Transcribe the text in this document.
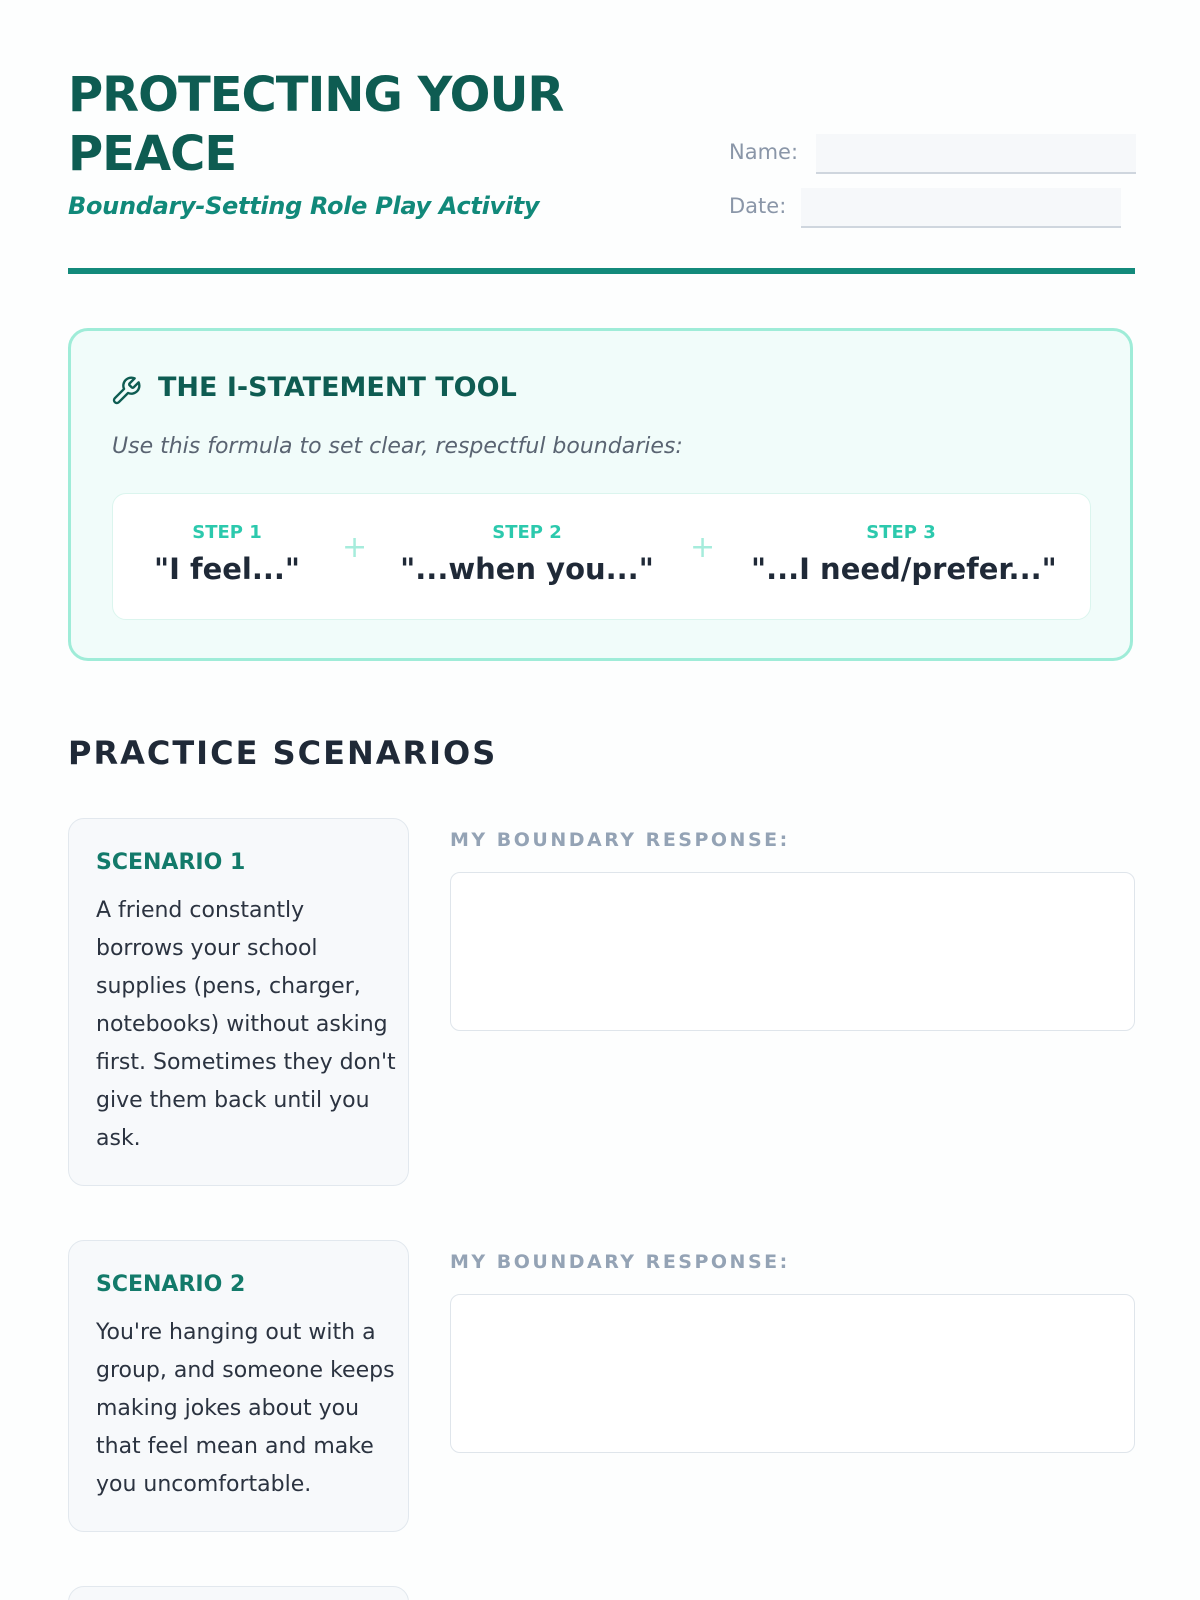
PROTECTING YOUR PEACE

Boundary-Setting Role Play Activity

Name:
Date:
THE I-STATEMENT TOOL
Use this formula to set clear, respectful boundaries:
STEP 1
"I feel..."
+	STEP 2
"...when you..."
+	STEP 3
"...I need/prefer..."
PRACTICE SCENARIOS
SCENARIO 1
A friend constantly borrows your school supplies (pens, charger, notebooks) without asking first. Sometimes they don't give them back until you ask.
MY BOUNDARY RESPONSE:
SCENARIO 2
You're hanging out with a group, and someone keeps making jokes about you that feel mean and make you uncomfortable.
MY BOUNDARY RESPONSE:
